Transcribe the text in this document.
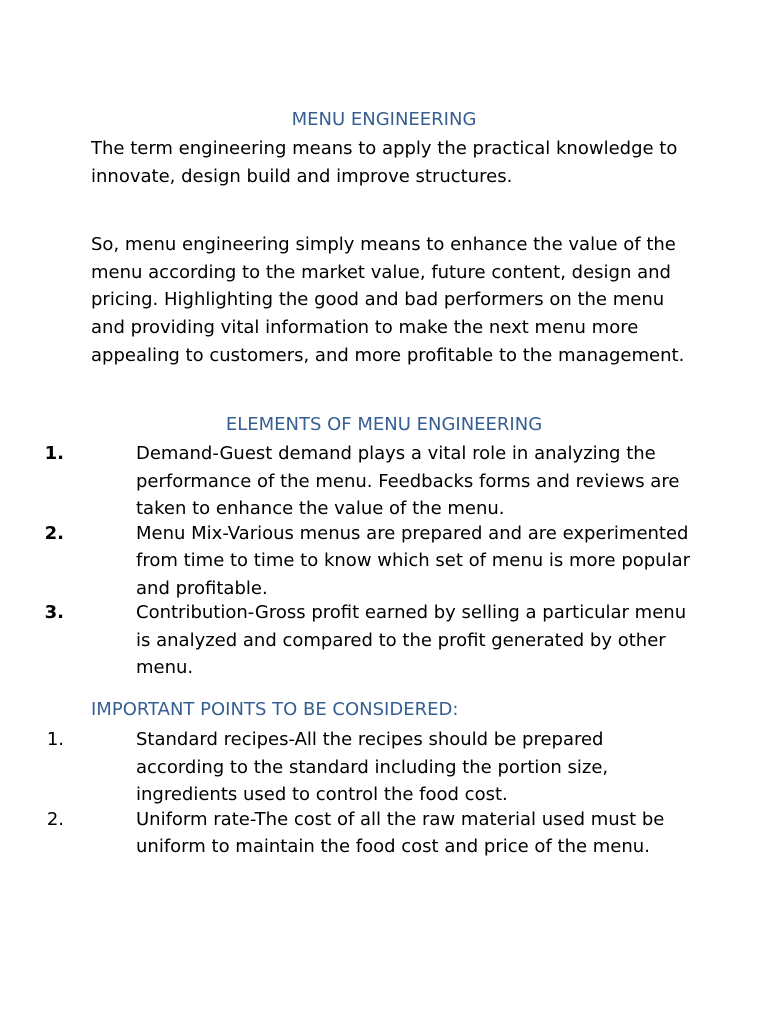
MENU ENGINEERING

The term engineering means to apply the practical knowledge to innovate, design build and improve structures.

So, menu engineering simply means to enhance the value of the menu according to the market value, future content, design and pricing. Highlighting the good and bad performers on the menu and providing vital information to make the next menu more appealing to customers, and more profitable to the management.

ELEMENTS OF MENU ENGINEERING
1.	Demand-Guest demand plays a vital role in analyzing the performance of the menu. Feedbacks forms and reviews are taken to enhance the value of the menu.
2.	Menu Mix-Various menus are prepared and are experimented from time to time to know which set of menu is more popular and profitable.
3.	Contribution-Gross profit earned by selling a particular menu is analyzed and compared to the profit generated by other menu.
IMPORTANT POINTS TO BE CONSIDERED:
1.	Standard recipes-All the recipes should be prepared according to the standard including the portion size, ingredients used to control the food cost.
2.	Uniform rate-The cost of all the raw material used must be uniform to maintain the food cost and price of the menu.
